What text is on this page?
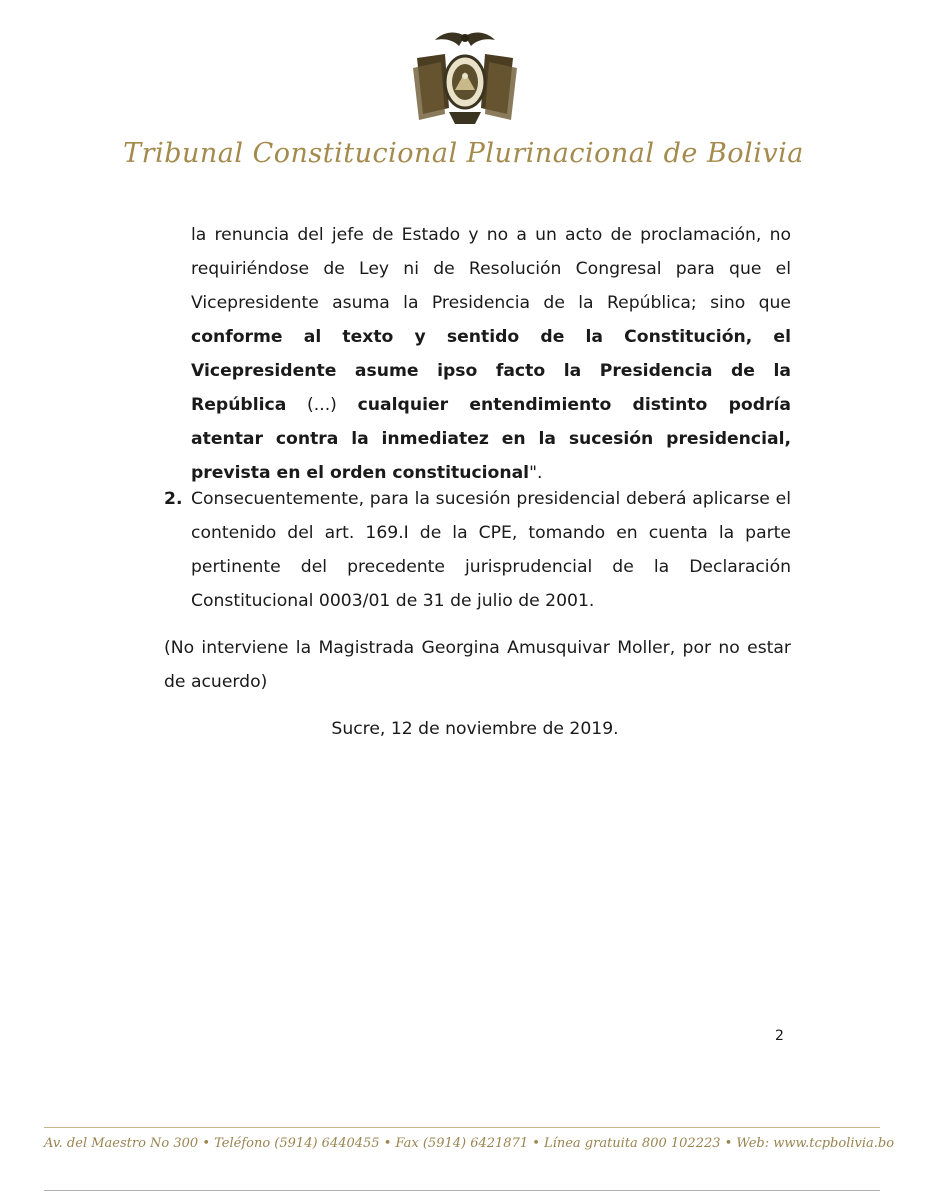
Tribunal Constitucional Plurinacional de Bolivia
la renuncia del jefe de Estado y no a un acto de proclamación, no requiriéndose de Ley ni de Resolución Congresal para que el Vicepresidente asuma la Presidencia de la República; sino que conforme al texto y sentido de la Constitución, el Vicepresidente asume ipso facto la Presidencia de la República (...) cualquier entendimiento distinto podría atentar contra la inmediatez en la sucesión presidencial, prevista en el orden constitucional".
2. Consecuentemente, para la sucesión presidencial deberá aplicarse el contenido del art. 169.I de la CPE, tomando en cuenta la parte pertinente del precedente jurisprudencial de la Declaración Constitucional 0003/01 de 31 de julio de 2001.
(No interviene la Magistrada Georgina Amusquivar Moller, por no estar de acuerdo)
Sucre, 12 de noviembre de 2019.
2
Av. del Maestro No 300 • Teléfono (5914) 6440455 • Fax (5914) 6421871 • Línea gratuita 800 102223 • Web: www.tcpbolivia.bo
